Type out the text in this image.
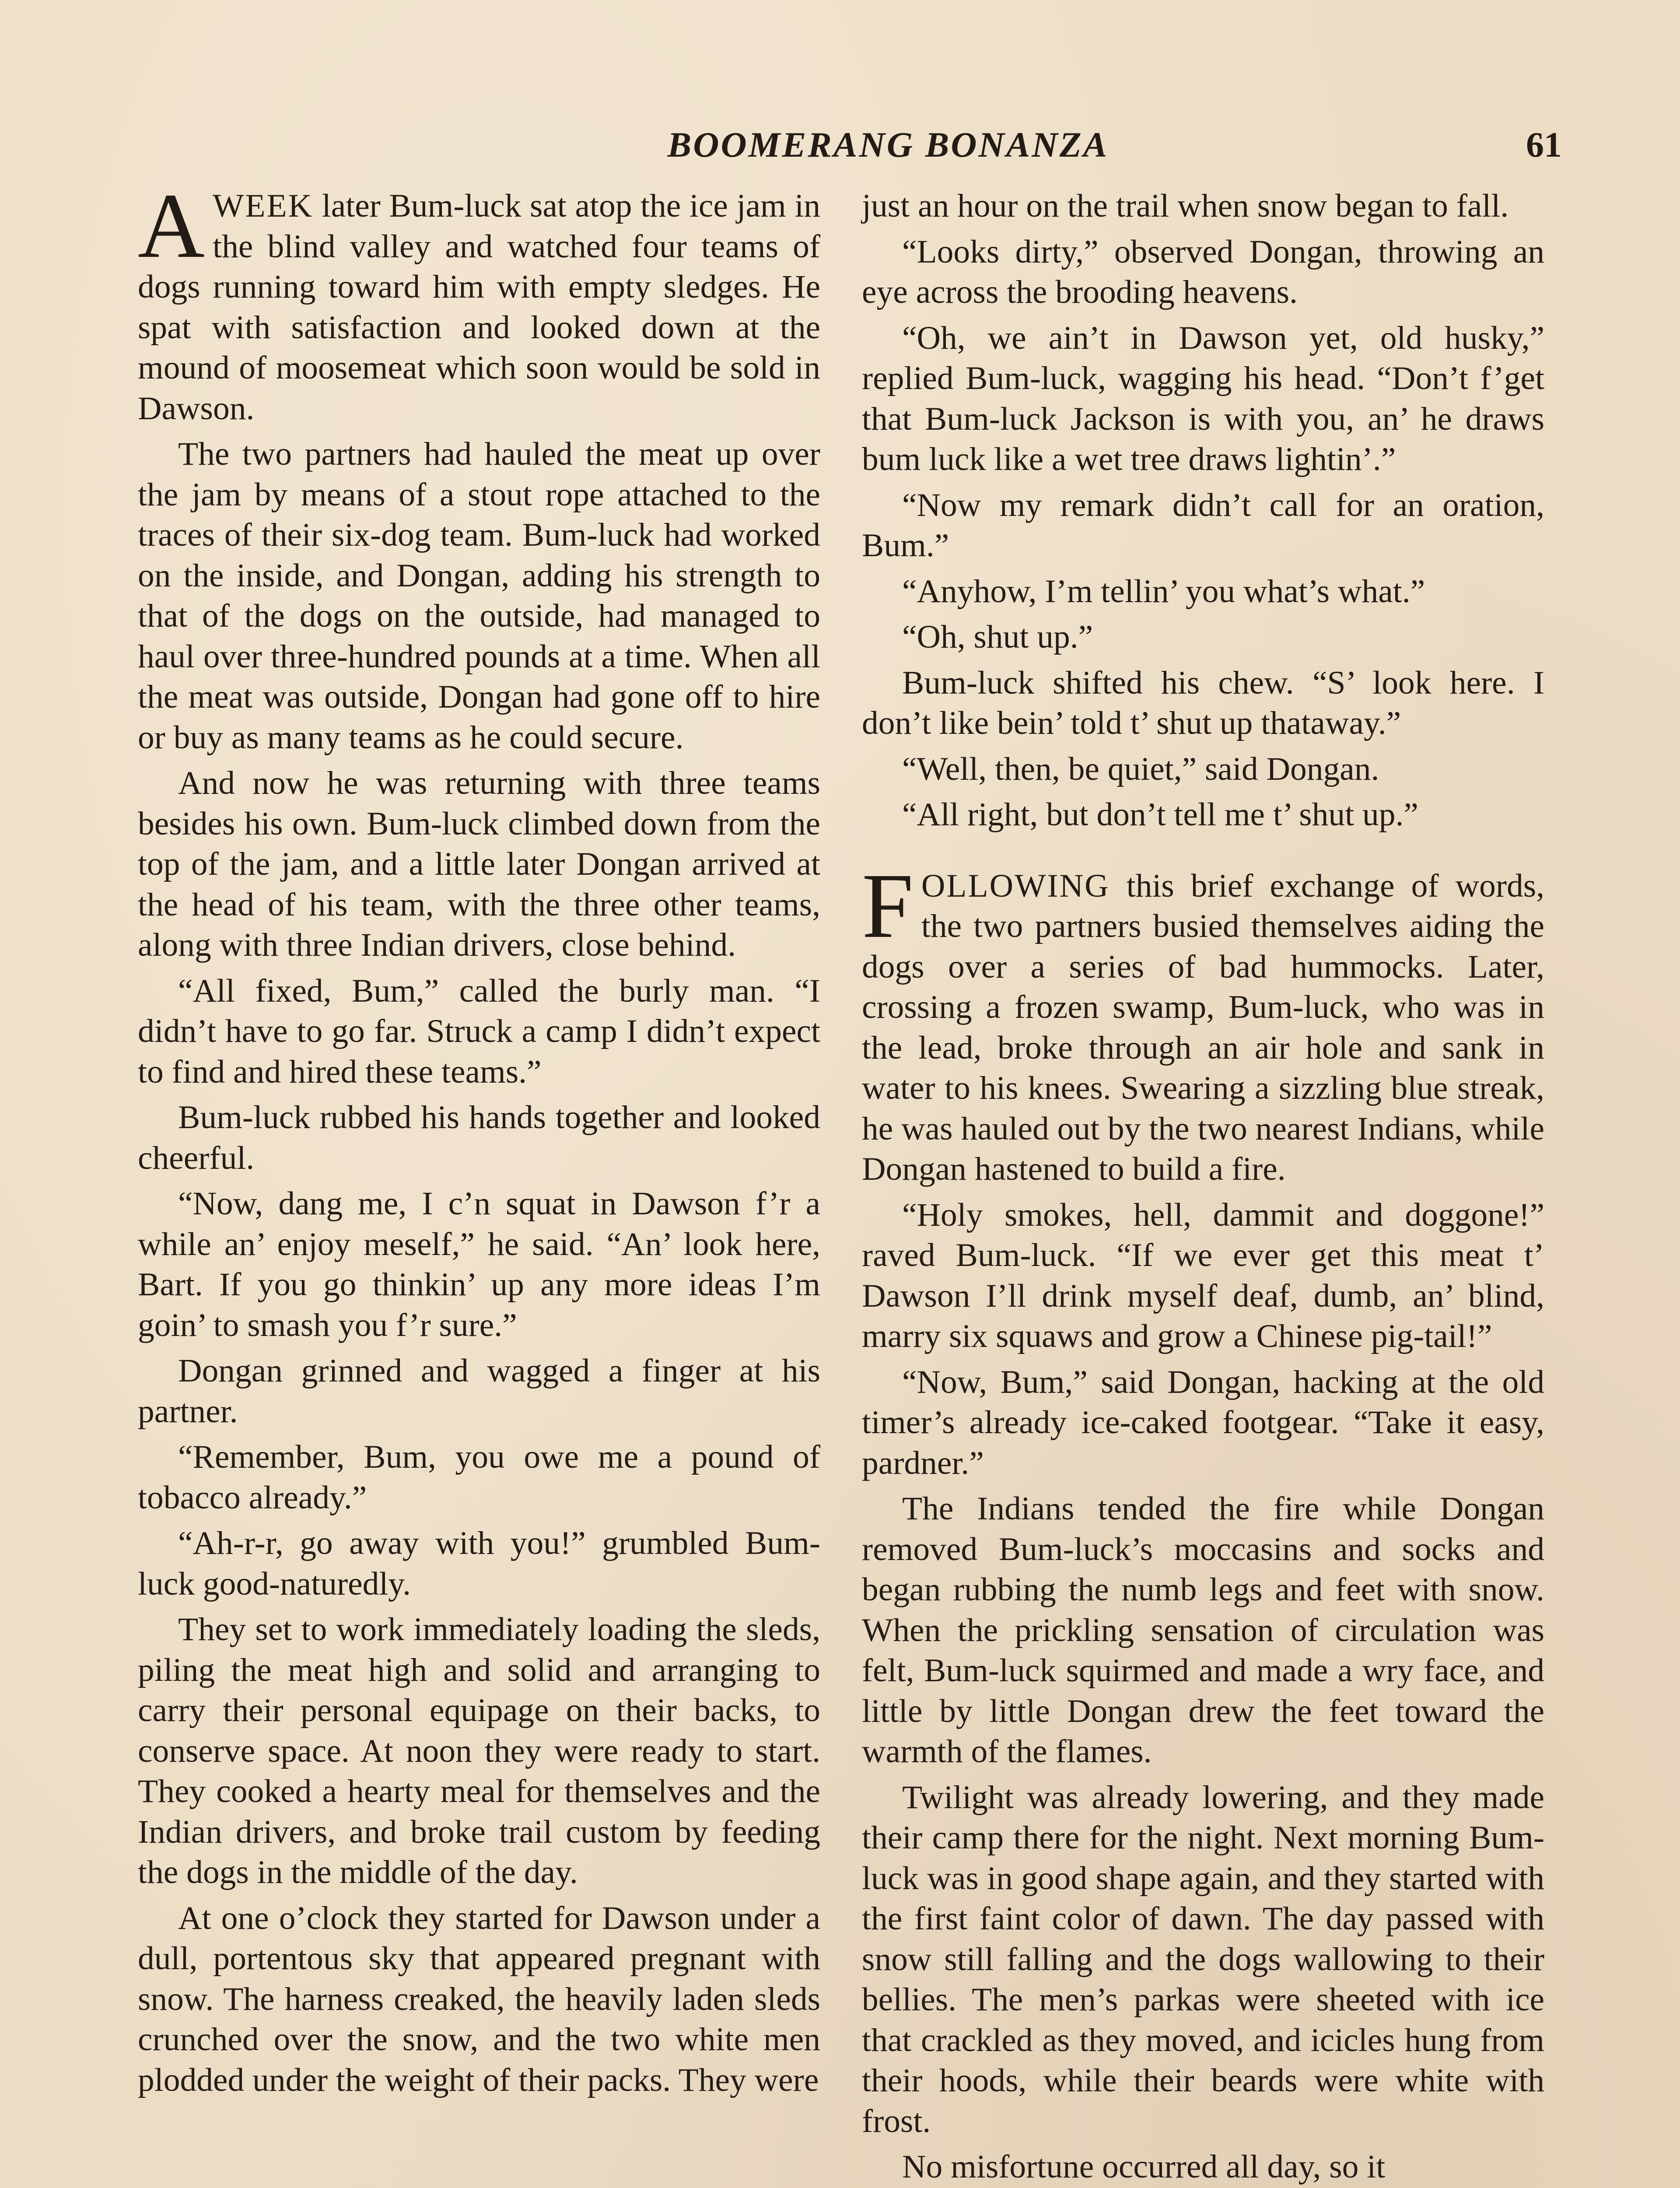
BOOMERANG BONANZA	61

AWEEK later Bum-luck sat atop the ice jam in the blind valley and watched four teams of dogs running toward him with empty sledges. He spat with satisfaction and looked down at the mound of moosemeat which soon would be sold in Dawson.

The two partners had hauled the meat up over the jam by means of a stout rope attached to the traces of their six-dog team. Bum-luck had worked on the inside, and Dongan, adding his strength to that of the dogs on the outside, had managed to haul over three-hundred pounds at a time. When all the meat was outside, Dongan had gone off to hire or buy as many teams as he could secure.

And now he was returning with three teams besides his own. Bum-luck climbed down from the top of the jam, and a little later Dongan arrived at the head of his team, with the three other teams, along with three Indian drivers, close behind.

“All fixed, Bum,” called the burly man. “I didn’t have to go far. Struck a camp I didn’t expect to find and hired these teams.”

Bum-luck rubbed his hands together and looked cheerful.

“Now, dang me, I c’n squat in Dawson f’r a while an’ enjoy meself,” he said. “An’ look here, Bart. If you go thinkin’ up any more ideas I’m goin’ to smash you f’r sure.”

Dongan grinned and wagged a finger at his partner.

“Remember, Bum, you owe me a pound of tobacco already.”

“Ah-r-r, go away with you!” grumbled Bum-luck good-naturedly.

They set to work immediately loading the sleds, piling the meat high and solid and arranging to carry their personal equipage on their backs, to conserve space. At noon they were ready to start. They cooked a hearty meal for themselves and the Indian drivers, and broke trail custom by feeding the dogs in the middle of the day.

At one o’clock they started for Dawson under a dull, portentous sky that appeared pregnant with snow. The harness creaked, the heavily laden sleds crunched over the snow, and the two white men plodded under the weight of their packs. They were

just an hour on the trail when snow began to fall.

“Looks dirty,” observed Dongan, throwing an eye across the brooding heavens.

“Oh, we ain’t in Dawson yet, old husky,” replied Bum-luck, wagging his head. “Don’t f’get that Bum-luck Jackson is with you, an’ he draws bum luck like a wet tree draws lightin’.”

“Now my remark didn’t call for an oration, Bum.”

“Anyhow, I’m tellin’ you what’s what.”

“Oh, shut up.”

Bum-luck shifted his chew. “S’ look here. I don’t like bein’ told t’ shut up thataway.”

“Well, then, be quiet,” said Dongan.

“All right, but don’t tell me t’ shut up.”

FOLLOWING this brief exchange of words, the two partners busied themselves aiding the dogs over a series of bad hummocks. Later, crossing a frozen swamp, Bum-luck, who was in the lead, broke through an air hole and sank in water to his knees. Swearing a sizzling blue streak, he was hauled out by the two nearest Indians, while Dongan hastened to build a fire.

“Holy smokes, hell, dammit and doggone!” raved Bum-luck. “If we ever get this meat t’ Dawson I’ll drink myself deaf, dumb, an’ blind, marry six squaws and grow a Chinese pig-tail!”

“Now, Bum,” said Dongan, hacking at the old timer’s already ice-caked footgear. “Take it easy, pardner.”

The Indians tended the fire while Dongan removed Bum-luck’s moccasins and socks and began rubbing the numb legs and feet with snow. When the prickling sensation of circulation was felt, Bum-luck squirmed and made a wry face, and little by little Dongan drew the feet toward the warmth of the flames.

Twilight was already lowering, and they made their camp there for the night. Next morning Bum-luck was in good shape again, and they started with the first faint color of dawn. The day passed with snow still falling and the dogs wallowing to their bellies. The men’s parkas were sheeted with ice that crackled as they moved, and icicles hung from their hoods, while their beards were white with frost.

No misfortune occurred all day, so it
